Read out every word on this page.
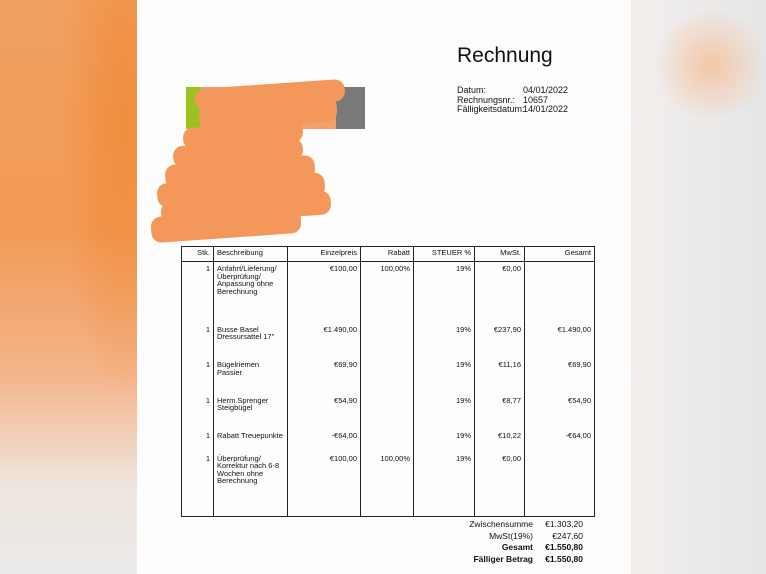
Rechnung
Datum:	04/01/2022
Rechnungsnr.: 10657
Fälligkeitsdatum:14/01/2022
Stk.	Beschreibung	Einzelpreis	Rabatt	STEUER %	MwSt.	Gesamt
1	Anfahrt/Lieferung/ Überprüfung/ Anpassung ohne Berechnung	€100,00	100,00%	19%	€0,00	
1	Busse Basel Dressursattel 17"	€1.490,00		19%	€237,90	€1.490,00
1	Bügelriemen Passier	€69,90		19%	€11,16	€69,90
1	Herm.Sprenger Steigbügel	€54,90		19%	€8,77	€54,90
1	Rabatt Treuepunkte	-€64,00		19%	€10,22	-€64,00
1	Überprüfung/ Korrektur nach 6-8 Wochen ohne Berechnung	€100,00	100,00%	19%	€0,00	

Zwischensumme	€1.303,20
MwSt(19%)	€247,60
Gesamt	€1.550,80
Fälliger Betrag	€1.550,80
